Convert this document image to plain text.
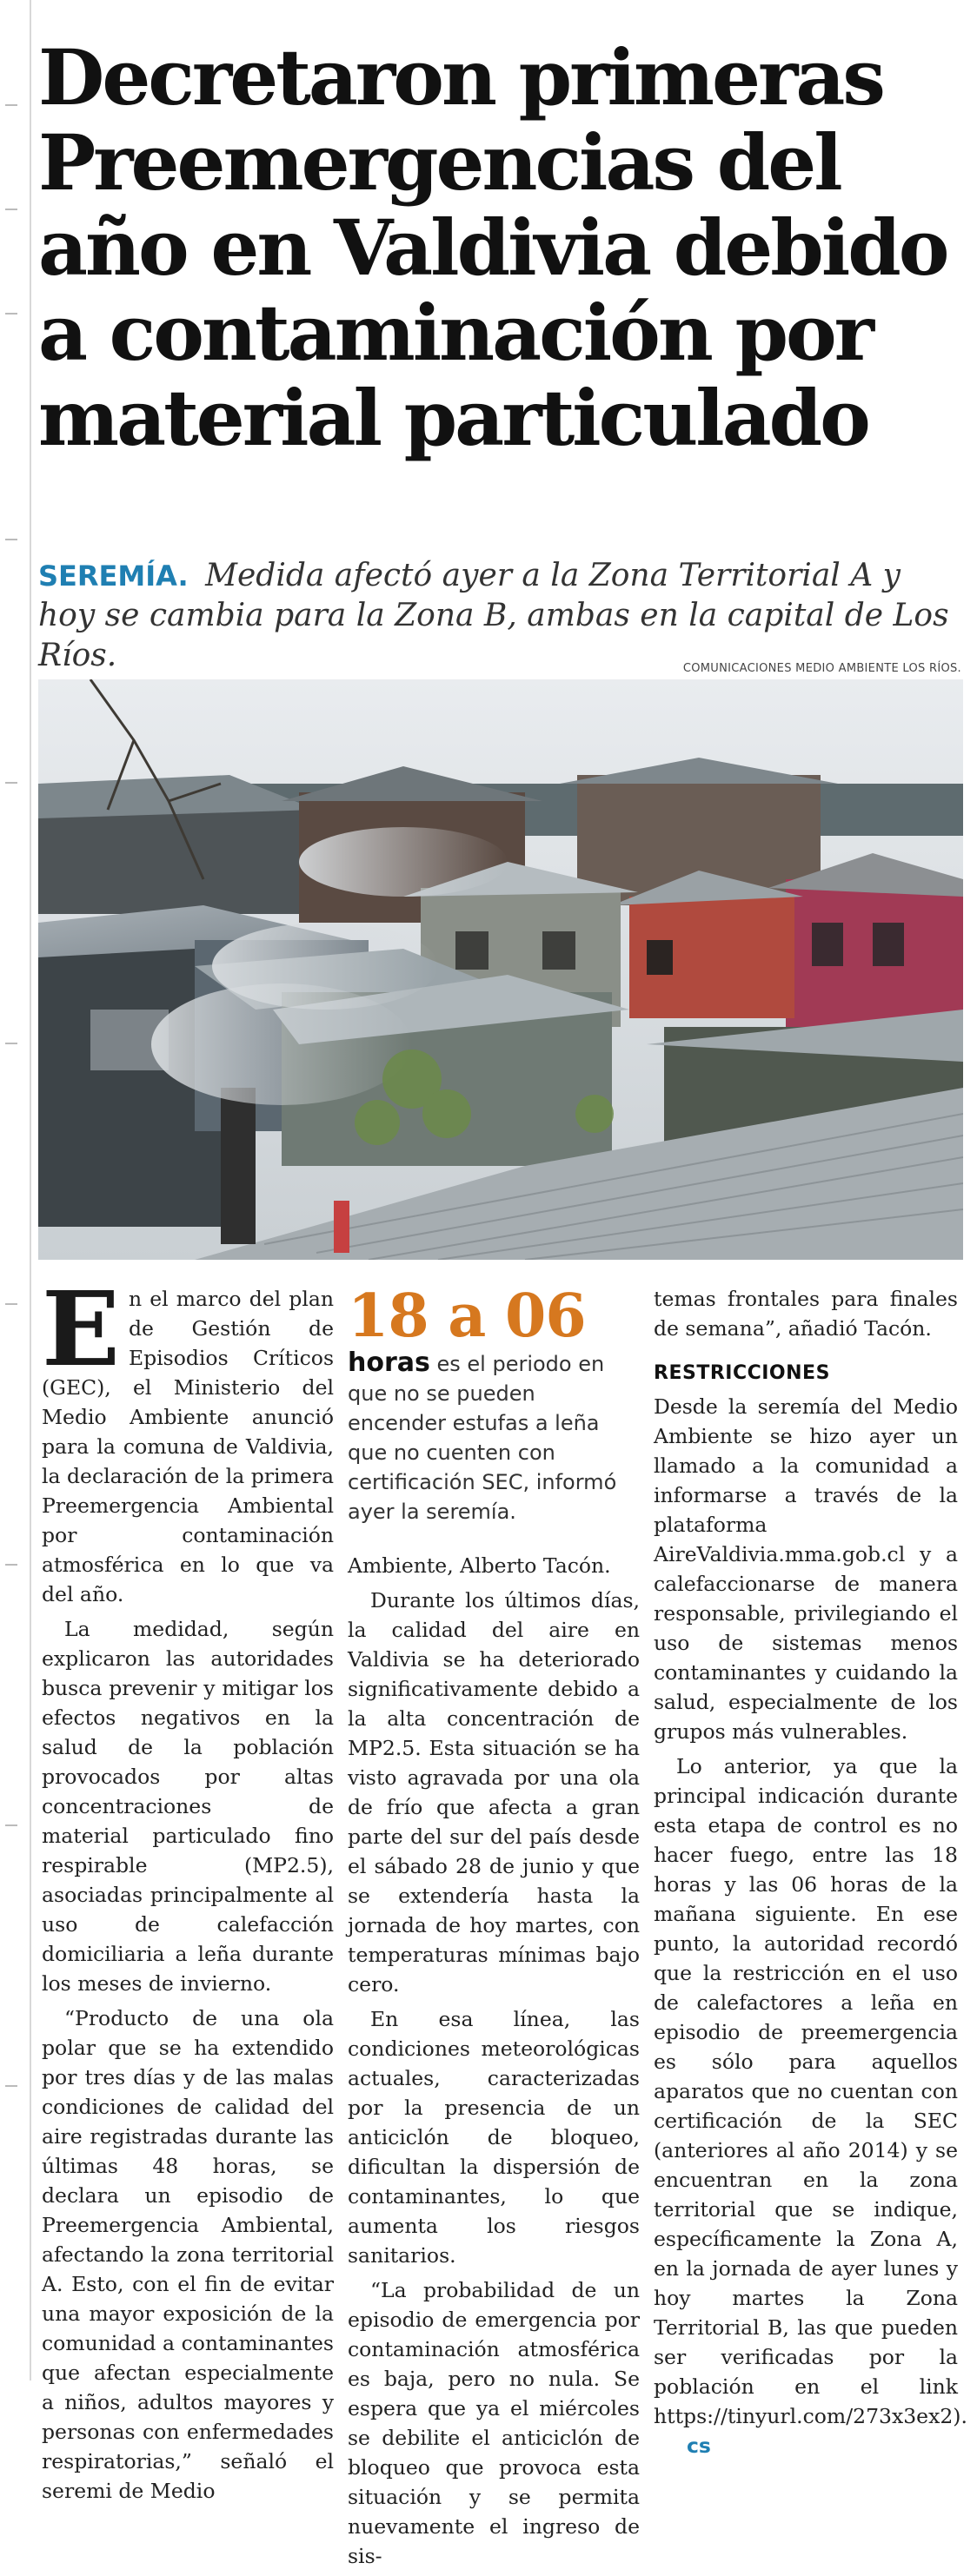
Decretaron primeras Preemergencias del año en Valdivia debido a contaminación por material particulado

SEREMÍA. Medida afectó ayer a la Zona Territorial A y hoy se cambia para la Zona B, ambas en la capital de Los Ríos.	COMUNICACIONES MEDIO AMBIENTE LOS RÍOS.

En el marco del plan de Gestión de Episodios Críticos (GEC), el Ministerio del Medio Ambiente anunció para la comuna de Valdivia, la declaración de la primera Preemergencia Ambiental por contaminación atmosférica en lo que va del año.

La medidad, según explicaron las autoridades busca prevenir y mitigar los efectos negativos en la salud de la población provocados por altas concentraciones de material particulado fino respirable (MP2.5), asociadas principalmente al uso de calefacción domiciliaria a leña durante los meses de invierno.

“Producto de una ola polar que se ha extendido por tres días y de las malas condiciones de calidad del aire registradas durante las últimas 48 horas, se declara un episodio de Preemergencia Ambiental, afectando la zona territorial A. Esto, con el fin de evitar una mayor exposición de la comunidad a contaminantes que afectan especialmente a niños, adultos mayores y personas con enfermedades respiratorias,” señaló el seremi de Medio

18 a 06
horas es el periodo en que no se pueden encender estufas a leña que no cuenten con certificación SEC, informó ayer la seremía.

Ambiente, Alberto Tacón.

Durante los últimos días, la calidad del aire en Valdivia se ha deteriorado significativamente debido a la alta concentración de MP2.5. Esta situación se ha visto agravada por una ola de frío que afecta a gran parte del sur del país desde el sábado 28 de junio y que se extendería hasta la jornada de hoy martes, con temperaturas mínimas bajo cero.

En esa línea, las condiciones meteorológicas actuales, caracterizadas por la presencia de un anticiclón de bloqueo, dificultan la dispersión de contaminantes, lo que aumenta los riesgos sanitarios.

“La probabilidad de un episodio de emergencia por contaminación atmosférica es baja, pero no nula. Se espera que ya el miércoles se debilite el anticiclón de bloqueo que provoca esta situación y se permita nuevamente el ingreso de sis-

temas frontales para finales de semana”, añadió Tacón.

RESTRICCIONES

Desde la seremía del Medio Ambiente se hizo ayer un llamado a la comunidad a informarse a través de la plataforma AireValdivia.mma.gob.cl y a calefaccionarse de manera responsable, privilegiando el uso de sistemas menos contaminantes y cuidando la salud, especialmente de los grupos más vulnerables.

Lo anterior, ya que la principal indicación durante esta etapa de control es no hacer fuego, entre las 18 horas y las 06 horas de la mañana siguiente. En ese punto, la autoridad recordó que la restricción en el uso de calefactores a leña en episodio de preemergencia es sólo para aquellos aparatos que no cuentan con certificación de la SEC (anteriores al año 2014) y se encuentran en la zona territorial que se indique, específicamente la Zona A, en la jornada de ayer lunes y hoy martes la Zona Territorial B, las que pueden ser verificadas por la población en el link https://tinyurl.com/273x3ex2).cs
